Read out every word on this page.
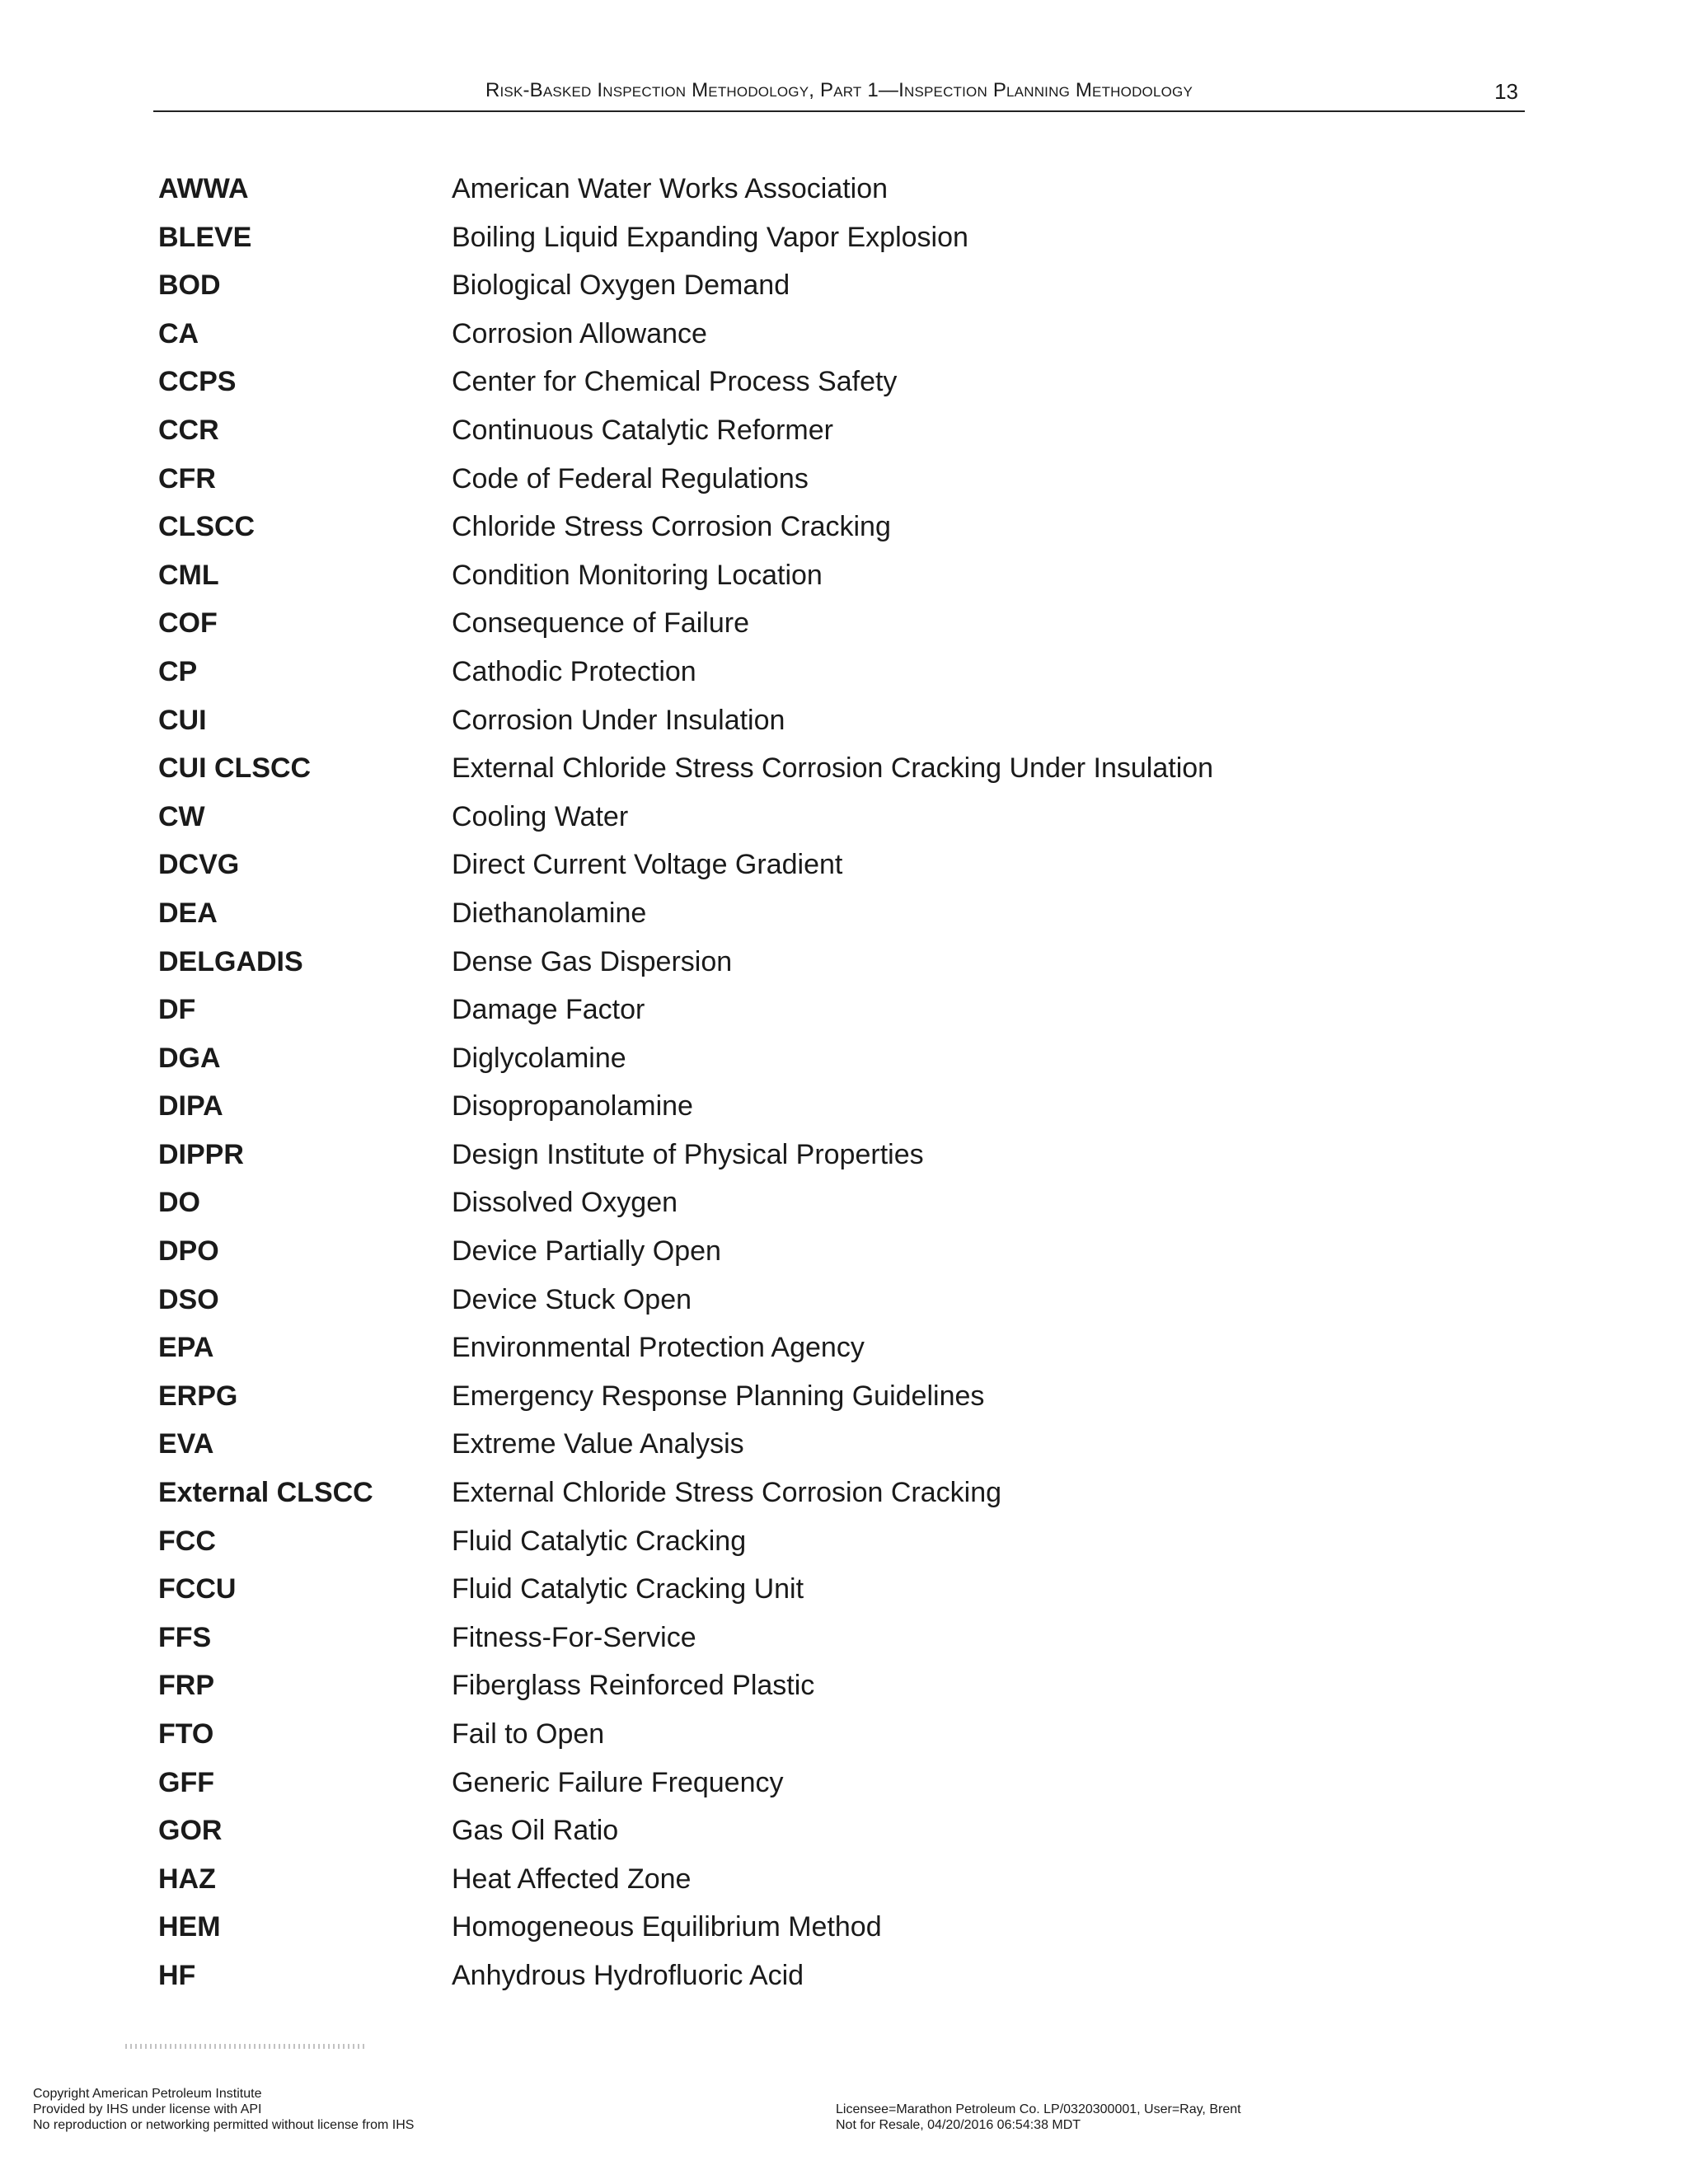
Risk-Basked Inspection Methodology, Part 1—Inspection Planning Methodology	13
AWWA	American Water Works Association
BLEVE	Boiling Liquid Expanding Vapor Explosion
BOD	Biological Oxygen Demand
CA	Corrosion Allowance
CCPS	Center for Chemical Process Safety
CCR	Continuous Catalytic Reformer
CFR	Code of Federal Regulations
CLSCC	Chloride Stress Corrosion Cracking
CML	Condition Monitoring Location
COF	Consequence of Failure
CP	Cathodic Protection
CUI	Corrosion Under Insulation
CUI CLSCC	External Chloride Stress Corrosion Cracking Under Insulation
CW	Cooling Water
DCVG	Direct Current Voltage Gradient
DEA	Diethanolamine
DELGADIS	Dense Gas Dispersion
DF	Damage Factor
DGA	Diglycolamine
DIPA	Disopropanolamine
DIPPR	Design Institute of Physical Properties
DO	Dissolved Oxygen
DPO	Device Partially Open
DSO	Device Stuck Open
EPA	Environmental Protection Agency
ERPG	Emergency Response Planning Guidelines
EVA	Extreme Value Analysis
External CLSCC	External Chloride Stress Corrosion Cracking
FCC	Fluid Catalytic Cracking
FCCU	Fluid Catalytic Cracking Unit
FFS	Fitness-For-Service
FRP	Fiberglass Reinforced Plastic
FTO	Fail to Open
GFF	Generic Failure Frequency
GOR	Gas Oil Ratio
HAZ	Heat Affected Zone
HEM	Homogeneous Equilibrium Method
HF	Anhydrous Hydrofluoric Acid
Copyright American Petroleum Institute
Provided by IHS under license with API
No reproduction or networking permitted without license from IHS
Licensee=Marathon Petroleum Co. LP/0320300001, User=Ray, Brent
Not for Resale, 04/20/2016 06:54:38 MDT
